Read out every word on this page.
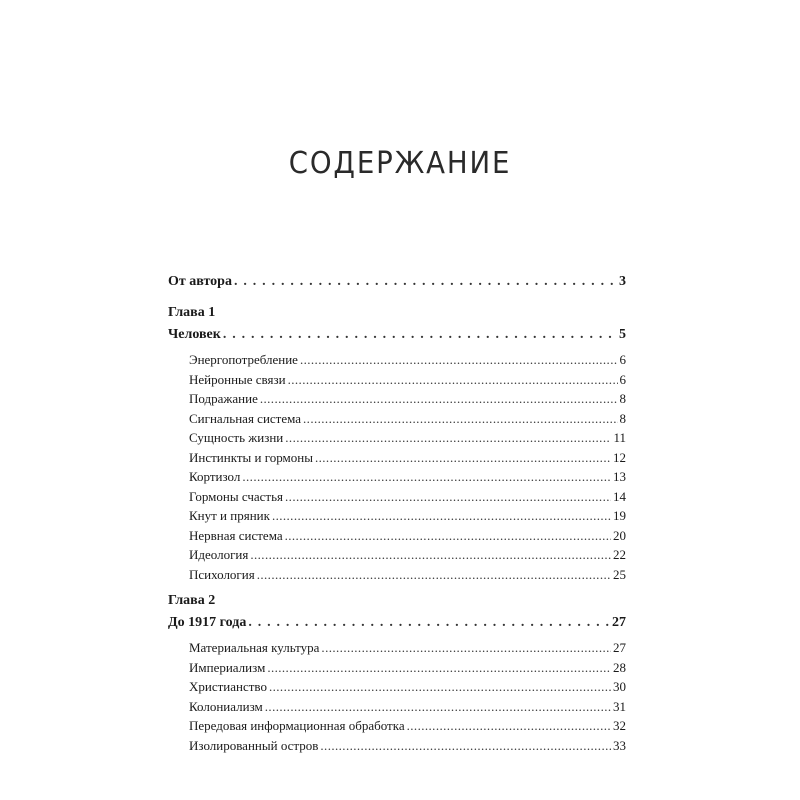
СОДЕРЖАНИЕ
От автора . . .	3
Глава 1
Человек . . .	5
Энергопотребление .....	6
Нейронные связи .....	6
Подражание .....	8
Сигнальная система .....	8
Сущность жизни .....	11
Инстинкты и гормоны .....	12
Кортизол .....	13
Гормоны счастья .....	14
Кнут и пряник .....	19
Нервная система .....	20
Идеология .....	22
Психология .....	25
Глава 2
До 1917 года . . .	27
Материальная культура .....	27
Империализм .....	28
Христианство .....	30
Колониализм .....	31
Передовая информационная обработка .....	32
Изолированный остров .....	33
